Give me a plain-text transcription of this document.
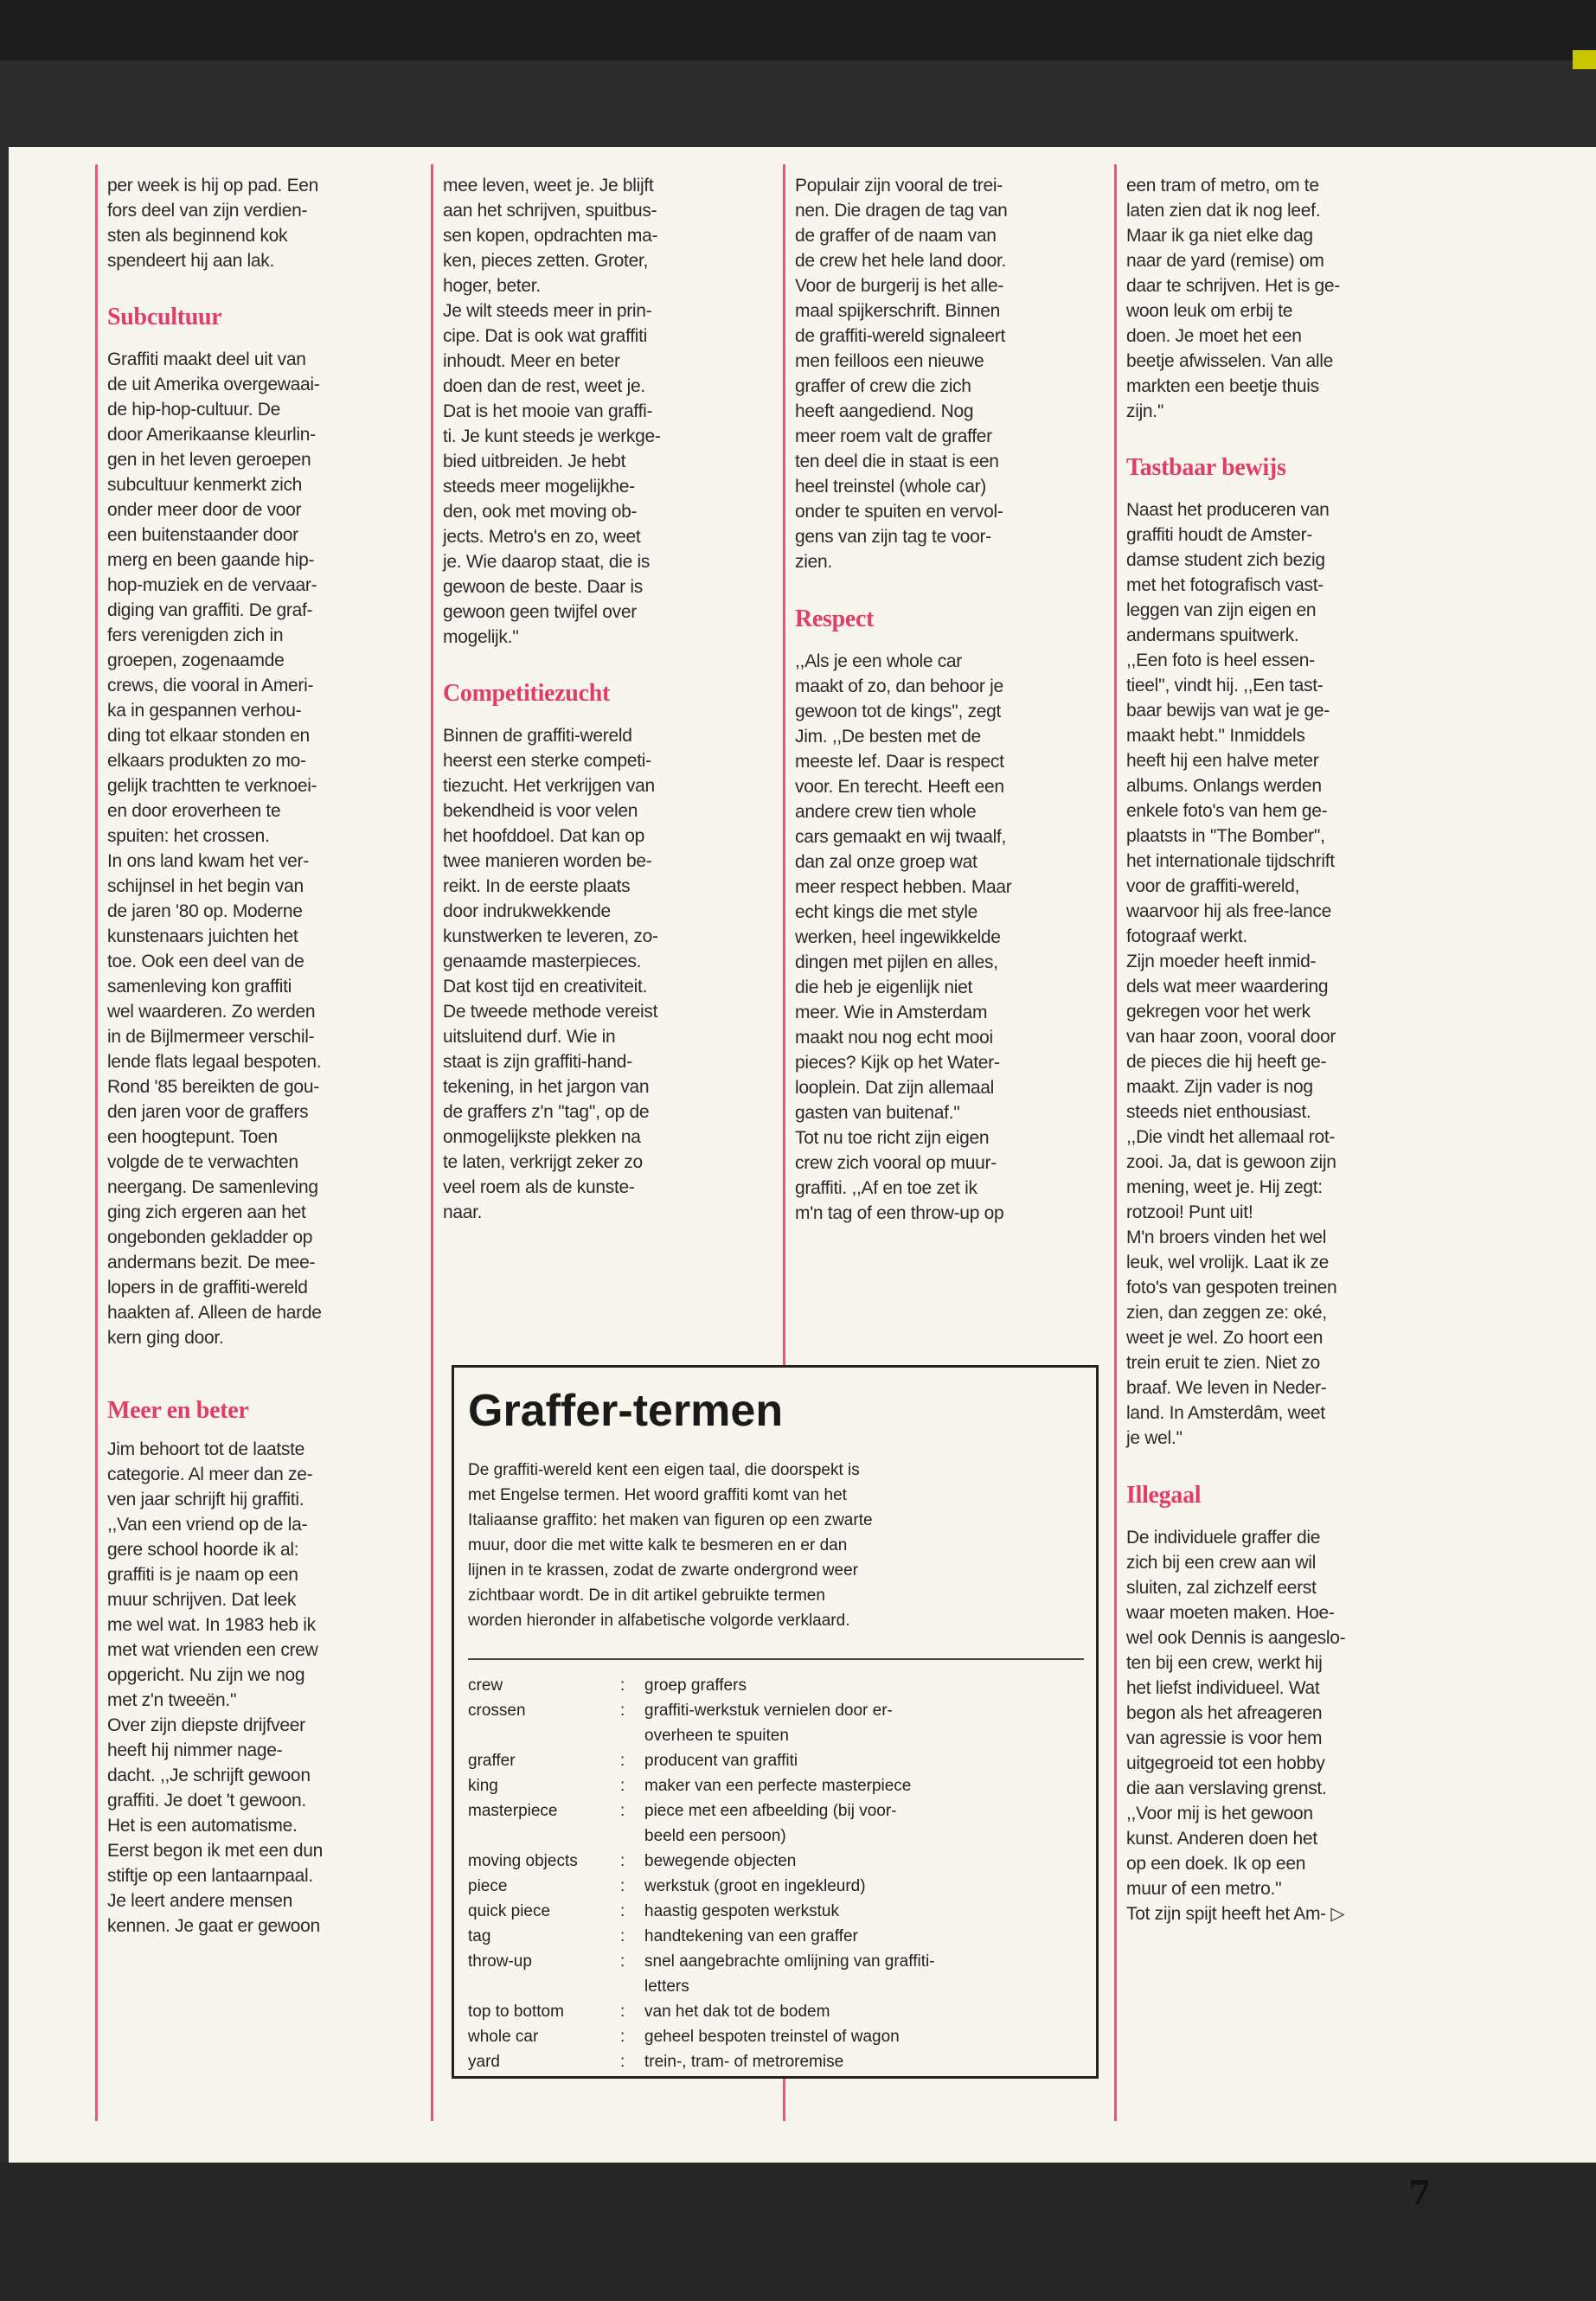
per week is hij op pad. Een
fors deel van zijn verdien-
sten als beginnend kok
spendeert hij aan lak.

Subcultuur

Graffiti maakt deel uit van
de uit Amerika overgewaai-
de hip-hop-cultuur. De
door Amerikaanse kleurlin-
gen in het leven geroepen
subcultuur kenmerkt zich
onder meer door de voor
een buitenstaander door
merg en been gaande hip-
hop-muziek en de vervaar-
diging van graffiti. De graf-
fers verenigden zich in
groepen, zogenaamde
crews, die vooral in Ameri-
ka in gespannen verhou-
ding tot elkaar stonden en
elkaars produkten zo mo-
gelijk trachtten te verknoei-
en door eroverheen te
spuiten: het crossen.
In ons land kwam het ver-
schijnsel in het begin van
de jaren '80 op. Moderne
kunstenaars juichten het
toe. Ook een deel van de
samenleving kon graffiti
wel waarderen. Zo werden
in de Bijlmermeer verschil-
lende flats legaal bespoten.
Rond '85 bereikten de gou-
den jaren voor de graffers
een hoogtepunt. Toen
volgde de te verwachten
neergang. De samenleving
ging zich ergeren aan het
ongebonden gekladder op
andermans bezit. De mee-
lopers in de graffiti-wereld
haakten af. Alleen de harde
kern ging door.

Meer en beter

Jim behoort tot de laatste
categorie. Al meer dan ze-
ven jaar schrijft hij graffiti.
,,Van een vriend op de la-
gere school hoorde ik al:
graffiti is je naam op een
muur schrijven. Dat leek
me wel wat. In 1983 heb ik
met wat vrienden een crew
opgericht. Nu zijn we nog
met z'n tweeën.''
Over zijn diepste drijfveer
heeft hij nimmer nage-
dacht. ,,Je schrijft gewoon
graffiti. Je doet 't gewoon.
Het is een automatisme.
Eerst begon ik met een dun
stiftje op een lantaarnpaal.
Je leert andere mensen
kennen. Je gaat er gewoon

mee leven, weet je. Je blijft
aan het schrijven, spuitbus-
sen kopen, opdrachten ma-
ken, pieces zetten. Groter,
hoger, beter.
Je wilt steeds meer in prin-
cipe. Dat is ook wat graffiti
inhoudt. Meer en beter
doen dan de rest, weet je.
Dat is het mooie van graffi-
ti. Je kunt steeds je werkge-
bied uitbreiden. Je hebt
steeds meer mogelijkhe-
den, ook met moving ob-
jects. Metro's en zo, weet
je. Wie daarop staat, die is
gewoon de beste. Daar is
gewoon geen twijfel over
mogelijk.''

Competitiezucht

Binnen de graffiti-wereld
heerst een sterke competi-
tiezucht. Het verkrijgen van
bekendheid is voor velen
het hoofddoel. Dat kan op
twee manieren worden be-
reikt. In de eerste plaats
door indrukwekkende
kunstwerken te leveren, zo-
genaamde masterpieces.
Dat kost tijd en creativiteit.
De tweede methode vereist
uitsluitend durf. Wie in
staat is zijn graffiti-hand-
tekening, in het jargon van
de graffers z'n ''tag'', op de
onmogelijkste plekken na
te laten, verkrijgt zeker zo
veel roem als de kunste-
naar.

Populair zijn vooral de trei-
nen. Die dragen de tag van
de graffer of de naam van
de crew het hele land door.
Voor de burgerij is het alle-
maal spijkerschrift. Binnen
de graffiti-wereld signaleert
men feilloos een nieuwe
graffer of crew die zich
heeft aangediend. Nog
meer roem valt de graffer
ten deel die in staat is een
heel treinstel (whole car)
onder te spuiten en vervol-
gens van zijn tag te voor-
zien.

Respect

,,Als je een whole car
maakt of zo, dan behoor je
gewoon tot de kings'', zegt
Jim. ,,De besten met de
meeste lef. Daar is respect
voor. En terecht. Heeft een
andere crew tien whole
cars gemaakt en wij twaalf,
dan zal onze groep wat
meer respect hebben. Maar
echt kings die met style
werken, heel ingewikkelde
dingen met pijlen en alles,
die heb je eigenlijk niet
meer. Wie in Amsterdam
maakt nou nog echt mooi
pieces? Kijk op het Water-
looplein. Dat zijn allemaal
gasten van buitenaf.''
Tot nu toe richt zijn eigen
crew zich vooral op muur-
graffiti. ,,Af en toe zet ik
m'n tag of een throw-up op

een tram of metro, om te
laten zien dat ik nog leef.
Maar ik ga niet elke dag
naar de yard (remise) om
daar te schrijven. Het is ge-
woon leuk om erbij te
doen. Je moet het een
beetje afwisselen. Van alle
markten een beetje thuis
zijn.''

Tastbaar bewijs

Naast het produceren van
graffiti houdt de Amster-
damse student zich bezig
met het fotografisch vast-
leggen van zijn eigen en
andermans spuitwerk.
,,Een foto is heel essen-
tieel'', vindt hij. ,,Een tast-
baar bewijs van wat je ge-
maakt hebt.'' Inmiddels
heeft hij een halve meter
albums. Onlangs werden
enkele foto's van hem ge-
plaatsts in ''The Bomber'',
het internationale tijdschrift
voor de graffiti-wereld,
waarvoor hij als free-lance
fotograaf werkt.
Zijn moeder heeft inmid-
dels wat meer waardering
gekregen voor het werk
van haar zoon, vooral door
de pieces die hij heeft ge-
maakt. Zijn vader is nog
steeds niet enthousiast.
,,Die vindt het allemaal rot-
zooi. Ja, dat is gewoon zijn
mening, weet je. Hij zegt:
rotzooi! Punt uit!
M'n broers vinden het wel
leuk, wel vrolijk. Laat ik ze
foto's van gespoten treinen
zien, dan zeggen ze: oké,
weet je wel. Zo hoort een
trein eruit te zien. Niet zo
braaf. We leven in Neder-
land. In Amsterdâm, weet
je wel.''

Illegaal

De individuele graffer die
zich bij een crew aan wil
sluiten, zal zichzelf eerst
waar moeten maken. Hoe-
wel ook Dennis is aangeslo-
ten bij een crew, werkt hij
het liefst individueel. Wat
begon als het afreageren
van agressie is voor hem
uitgegroeid tot een hobby
die aan verslaving grenst.
,,Voor mij is het gewoon
kunst. Anderen doen het
op een doek. Ik op een
muur of een metro.''
Tot zijn spijt heeft het Am- ▷

Graffer-termen
De graffiti-wereld kent een eigen taal, die doorspekt is
met Engelse termen. Het woord graffiti komt van het
Italiaanse graffito: het maken van figuren op een zwarte
muur, door die met witte kalk te besmeren en er dan
lijnen in te krassen, zodat de zwarte ondergrond weer
zichtbaar wordt. De in dit artikel gebruikte termen
worden hieronder in alfabetische volgorde verklaard.
crew	:	groep graffers
crossen	:	graffiti-werkstuk vernielen door er-
overheen te spuiten
graffer	:	producent van graffiti
king	:	maker van een perfecte masterpiece
masterpiece	:	piece met een afbeelding (bij voor-
beeld een persoon)
moving objects	:	bewegende objecten
piece	:	werkstuk (groot en ingekleurd)
quick piece	:	haastig gespoten werkstuk
tag	:	handtekening van een graffer
throw-up	:	snel aangebrachte omlijning van graffiti-
letters
top to bottom	:	van het dak tot de bodem
whole car	:	geheel bespoten treinstel of wagon
yard	:	trein-, tram- of metroremise
7
